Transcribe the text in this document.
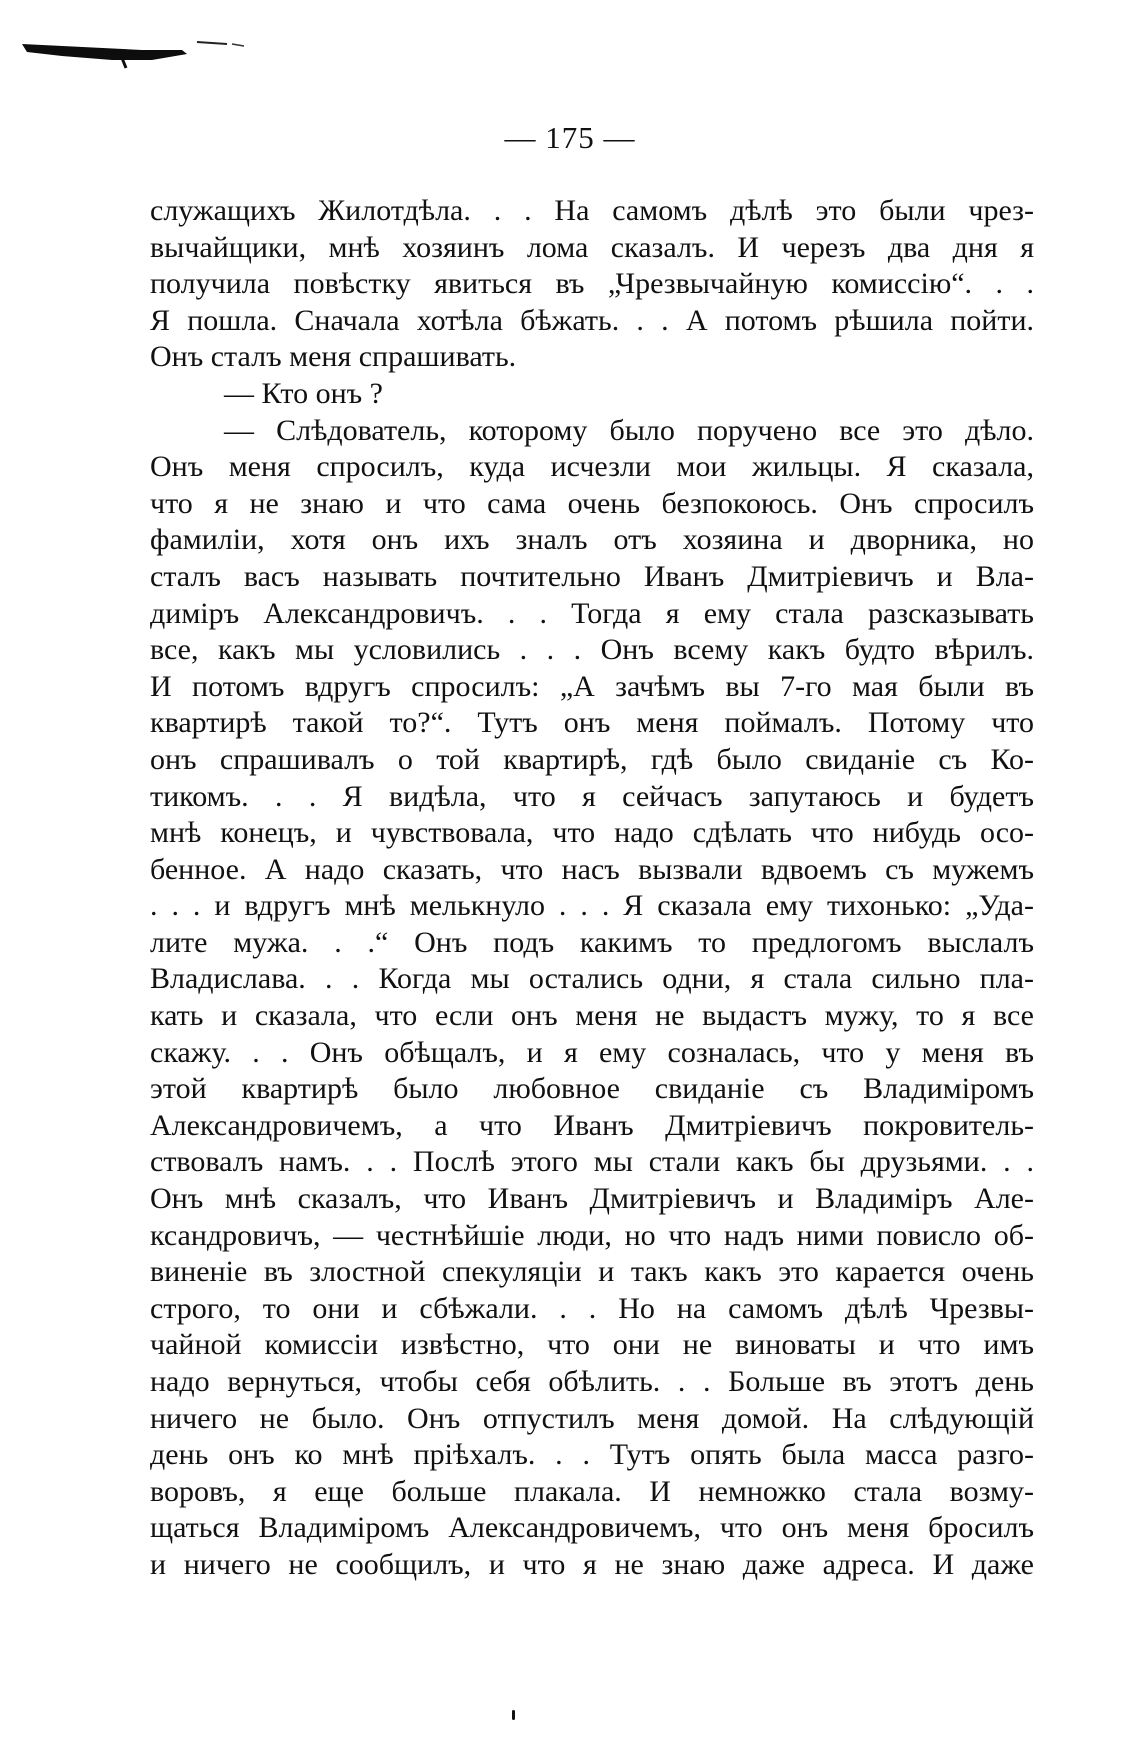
— 175 —
служащихъ Жилотдѣла. . . На самомъ дѣлѣ это были чрез-
вычайщики, мнѣ хозяинъ лома сказалъ. И черезъ два дня я
получила повѣстку явиться въ „Чрезвычайную комиссію“. . .
Я пошла. Сначала хотѣла бѣжать. . . А потомъ рѣшила пойти.
Онъ сталъ меня спрашивать.
— Кто онъ ?
— Слѣдователь, которому было поручено все это дѣло.
Онъ меня спросилъ, куда исчезли мои жильцы. Я сказала,
что я не знаю и что сама очень безпокоюсь. Онъ спросилъ
фамиліи, хотя онъ ихъ зналъ отъ хозяина и дворника, но
сталъ васъ называть почтительно Иванъ Дмитріевичъ и Вла-
диміръ Александровичъ. . . Тогда я ему стала разсказывать
все, какъ мы условились . . . Онъ всему какъ будто вѣрилъ.
И потомъ вдругъ спросилъ: „А зачѣмъ вы 7-го мая были въ
квартирѣ такой то?“. Тутъ онъ меня поймалъ. Потому что
онъ спрашивалъ о той квартирѣ, гдѣ было свиданіе съ Ко-
тикомъ. . . Я видѣла, что я сейчасъ запутаюсь и будетъ
мнѣ конецъ, и чувствовала, что надо сдѣлать что нибудь осо-
бенное. А надо сказать, что насъ вызвали вдвоемъ съ мужемъ
. . . и вдругъ мнѣ мелькнуло . . . Я сказала ему тихонько: „Уда-
лите мужа. . .“ Онъ подъ какимъ то предлогомъ выслалъ
Владислава. . . Когда мы остались одни, я стала сильно пла-
кать и сказала, что если онъ меня не выдастъ мужу, то я все
скажу. . . Онъ обѣщалъ, и я ему созналась, что у меня въ
этой квартирѣ было любовное свиданіе съ Владиміромъ
Александровичемъ, а что Иванъ Дмитріевичъ покровитель-
ствовалъ намъ. . . Послѣ этого мы стали какъ бы друзьями. . .
Онъ мнѣ сказалъ, что Иванъ Дмитріевичъ и Владиміръ Але-
ксандровичъ, — честнѣйшіе люди, но что надъ ними повисло об-
виненіе въ злостной спекуляціи и такъ какъ это карается очень
строго, то они и сбѣжали. . . Но на самомъ дѣлѣ Чрезвы-
чайной комиссіи извѣстно, что они не виноваты и что имъ
надо вернуться, чтобы себя обѣлить. . . Больше въ этотъ день
ничего не было. Онъ отпустилъ меня домой. На слѣдующій
день онъ ко мнѣ пріѣхалъ. . . Тутъ опять была масса разго-
воровъ, я еще больше плакала. И немножко стала возму-
щаться Владиміромъ Александровичемъ, что онъ меня бросилъ
и ничего не сообщилъ, и что я не знаю даже адреса. И даже
